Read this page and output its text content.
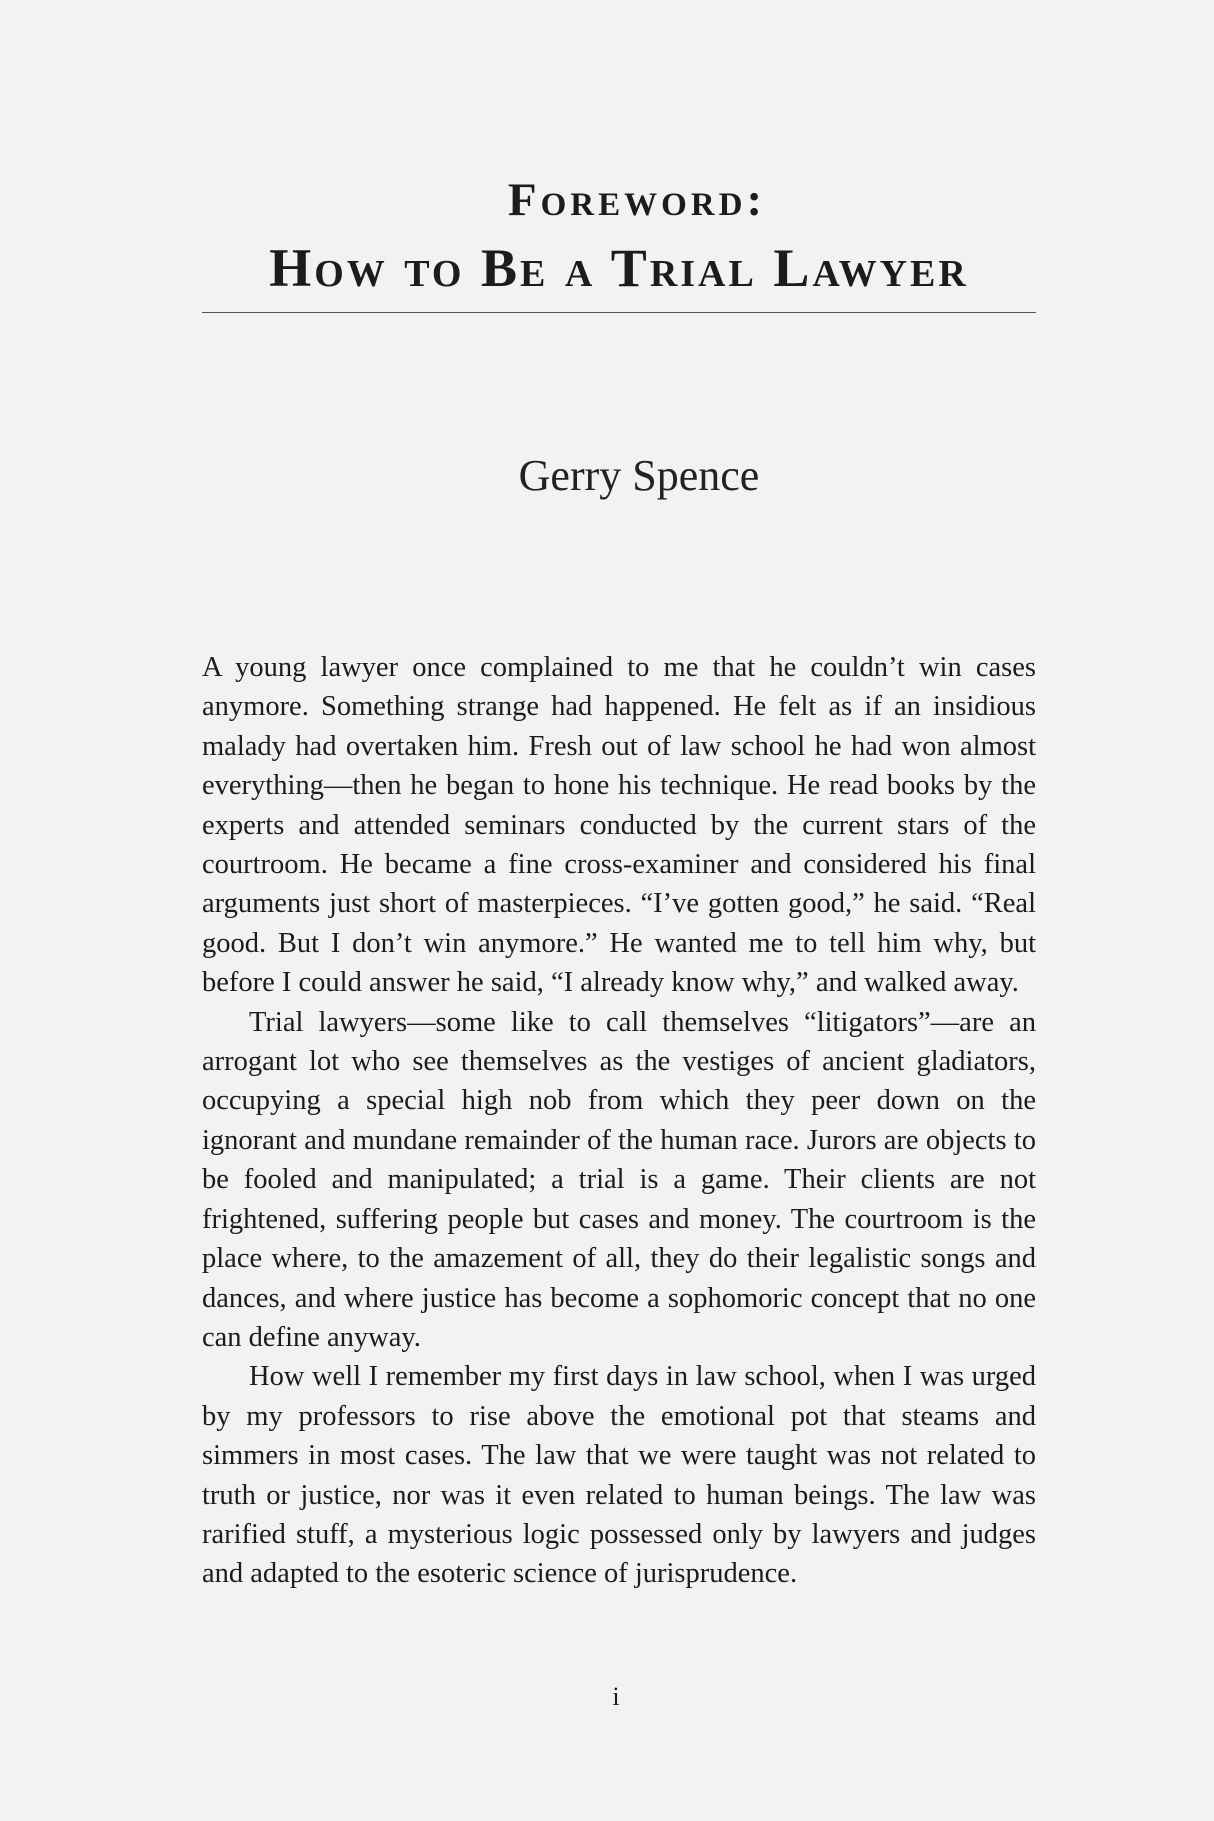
Foreword:
How to Be a Trial Lawyer
Gerry Spence

A young lawyer once complained to me that he couldn’t win cases anymore. Something strange had happened. He felt as if an insidious malady had overtaken him. Fresh out of law school he had won almost everything—then he began to hone his technique. He read books by the experts and attended seminars conducted by the current stars of the courtroom. He became a fine cross-examiner and considered his final arguments just short of masterpieces. “I’ve gotten good,” he said. “Real good. But I don’t win anymore.” He wanted me to tell him why, but before I could answer he said, “I already know why,” and walked away.

Trial lawyers—some like to call themselves “litigators”—are an arrogant lot who see themselves as the vestiges of ancient gladiators, occupying a special high nob from which they peer down on the ignorant and mundane remainder of the human race. Jurors are objects to be fooled and manipulated; a trial is a game. Their clients are not frightened, suffering people but cases and money. The courtroom is the place where, to the amazement of all, they do their legalistic songs and dances, and where justice has become a sophomoric concept that no one can define anyway.

How well I remember my first days in law school, when I was urged by my professors to rise above the emotional pot that steams and simmers in most cases. The law that we were taught was not related to truth or justice, nor was it even related to human beings. The law was rarified stuff, a mysterious logic possessed only by lawyers and judges and adapted to the esoteric science of jurisprudence.

i
